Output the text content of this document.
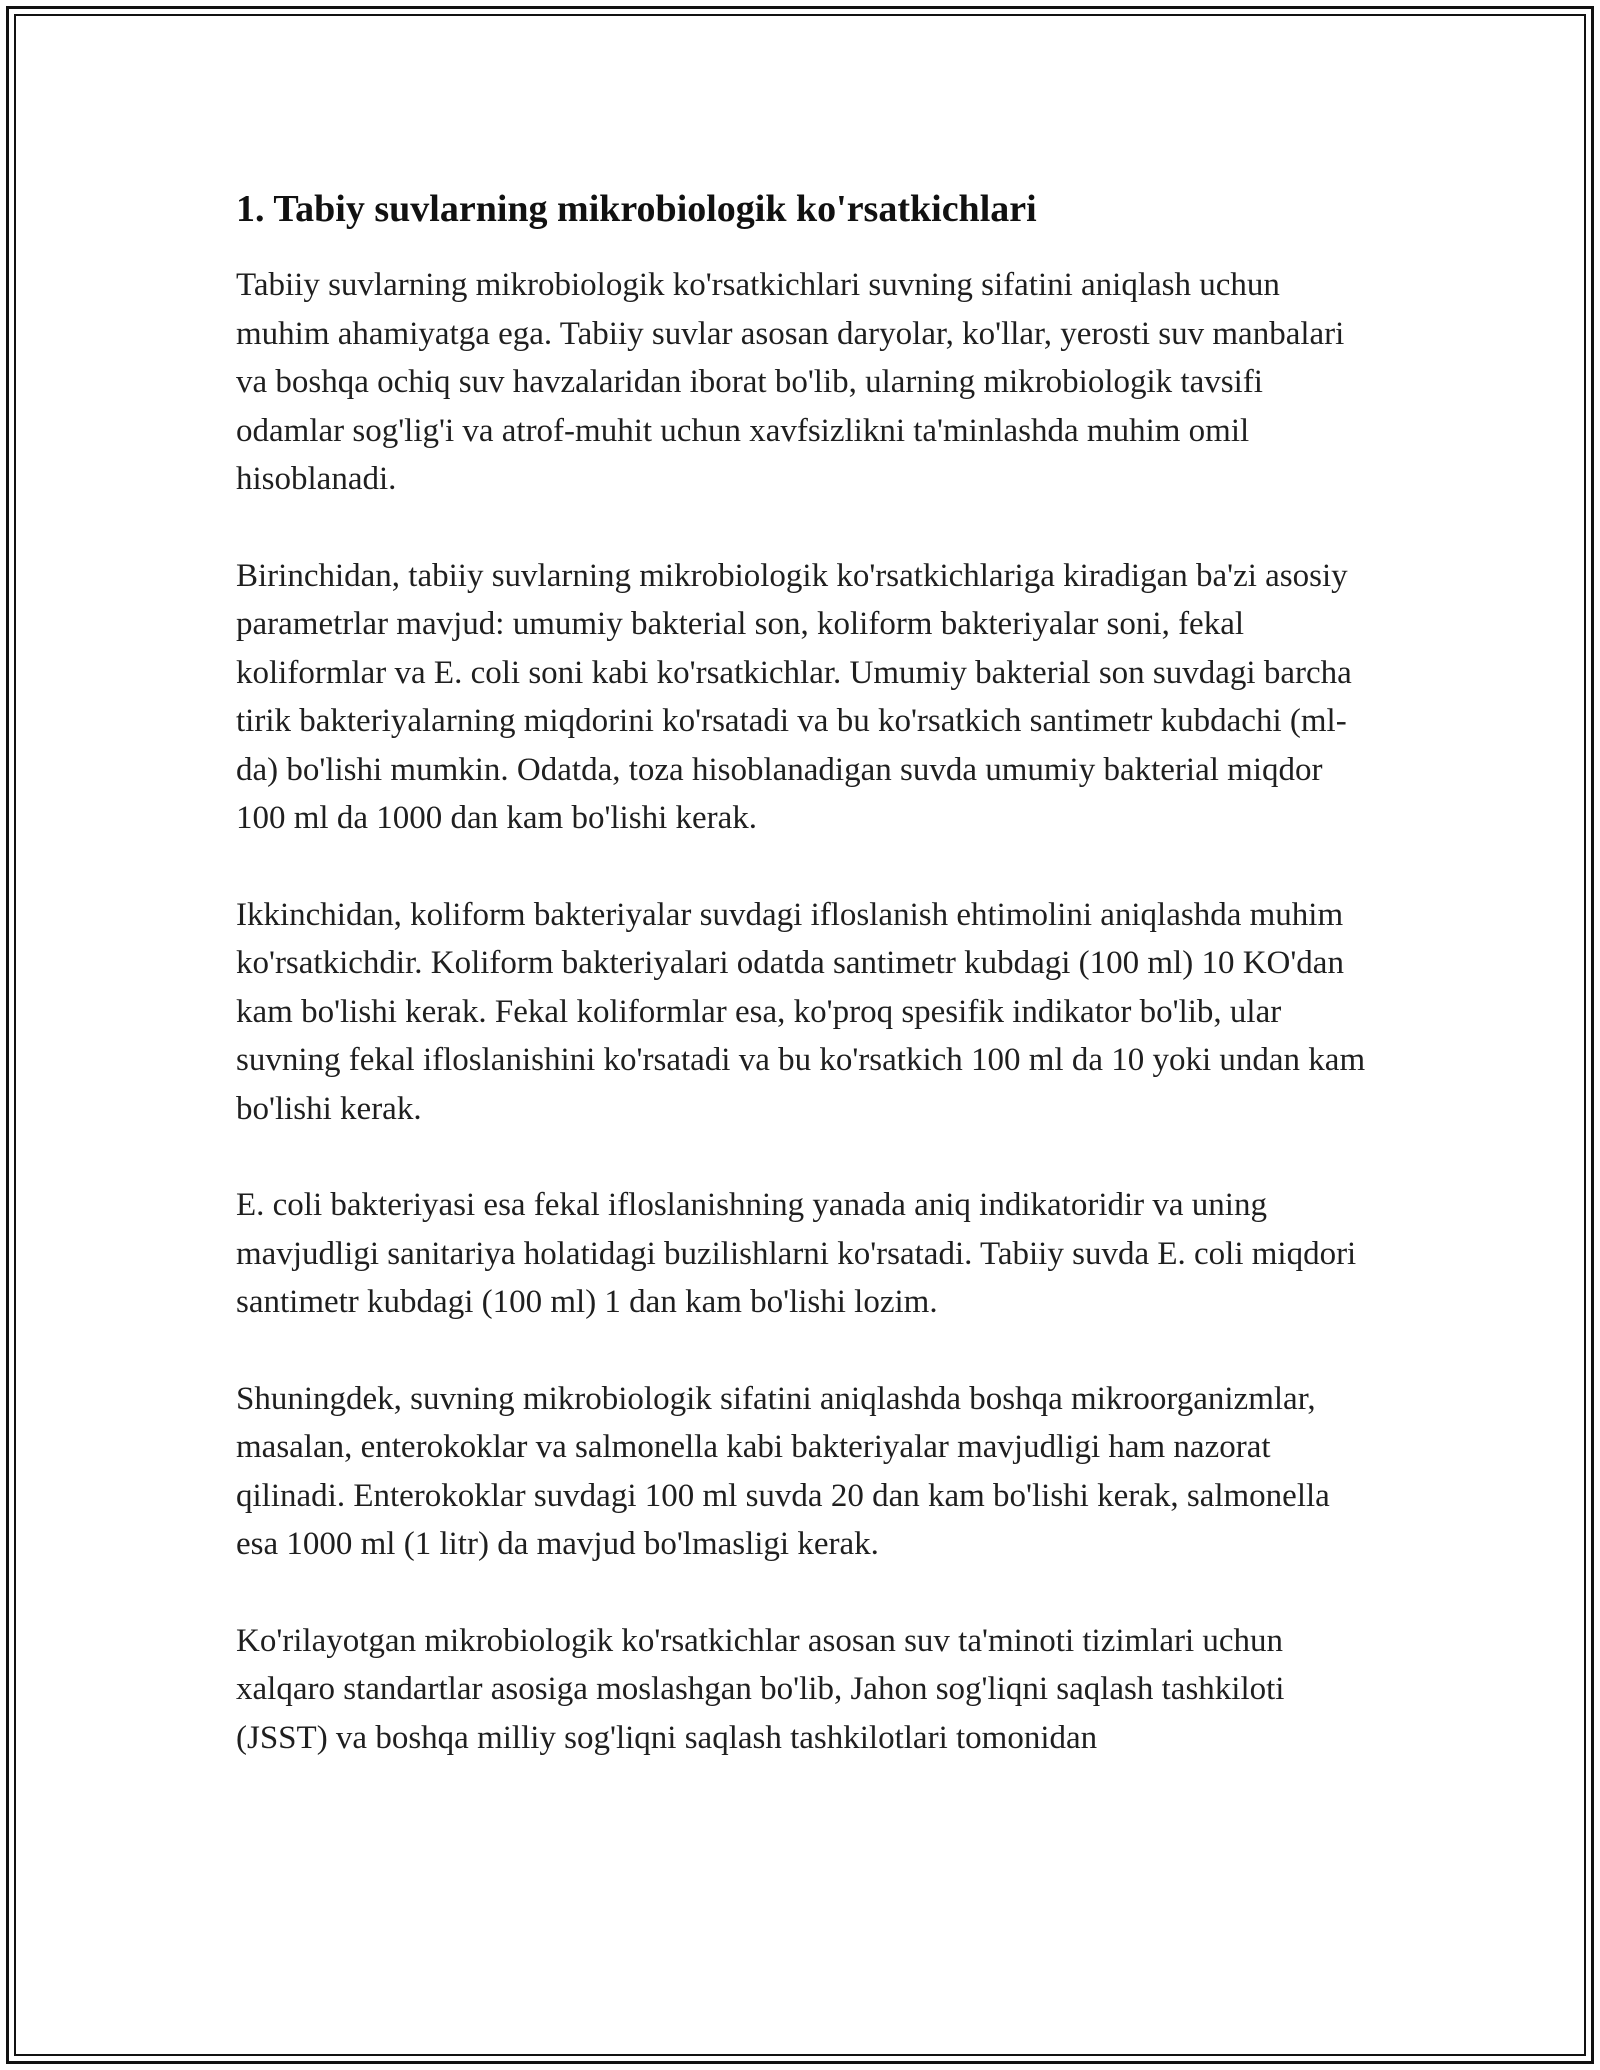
1. Tabiy suvlarning mikrobiologik ko'rsatkichlari

Tabiiy suvlarning mikrobiologik ko'rsatkichlari suvning sifatini aniqlash uchun muhim ahamiyatga ega. Tabiiy suvlar asosan daryolar, ko'llar, yerosti suv manbalari va boshqa ochiq suv havzalaridan iborat bo'lib, ularning mikrobiologik tavsifi odamlar sog'lig'i va atrof-muhit uchun xavfsizlikni ta'minlashda muhim omil hisoblanadi.

Birinchidan, tabiiy suvlarning mikrobiologik ko'rsatkichlariga kiradigan ba'zi asosiy parametrlar mavjud: umumiy bakterial son, koliform bakteriyalar soni, fekal koliformlar va E. coli soni kabi ko'rsatkichlar. Umumiy bakterial son suvdagi barcha tirik bakteriyalarning miqdorini ko'rsatadi va bu ko'rsatkich santimetr kubdachi (ml-da) bo'lishi mumkin. Odatda, toza hisoblanadigan suvda umumiy bakterial miqdor 100 ml da 1000 dan kam bo'lishi kerak.

Ikkinchidan, koliform bakteriyalar suvdagi ifloslanish ehtimolini aniqlashda muhim ko'rsatkichdir. Koliform bakteriyalari odatda santimetr kubdagi (100 ml) 10 KO'dan kam bo'lishi kerak. Fekal koliformlar esa, ko'proq spesifik indikator bo'lib, ular suvning fekal ifloslanishini ko'rsatadi va bu ko'rsatkich 100 ml da 10 yoki undan kam bo'lishi kerak.

E. coli bakteriyasi esa fekal ifloslanishning yanada aniq indikatoridir va uning mavjudligi sanitariya holatidagi buzilishlarni ko'rsatadi. Tabiiy suvda E. coli miqdori santimetr kubdagi (100 ml) 1 dan kam bo'lishi lozim.

Shuningdek, suvning mikrobiologik sifatini aniqlashda boshqa mikroorganizmlar, masalan, enterokoklar va salmonella kabi bakteriyalar mavjudligi ham nazorat qilinadi. Enterokoklar suvdagi 100 ml suvda 20 dan kam bo'lishi kerak, salmonella esa 1000 ml (1 litr) da mavjud bo'lmasligi kerak.

Ko'rilayotgan mikrobiologik ko'rsatkichlar asosan suv ta'minoti tizimlari uchun xalqaro standartlar asosiga moslashgan bo'lib, Jahon sog'liqni saqlash tashkiloti (JSST) va boshqa milliy sog'liqni saqlash tashkilotlari tomonidan
